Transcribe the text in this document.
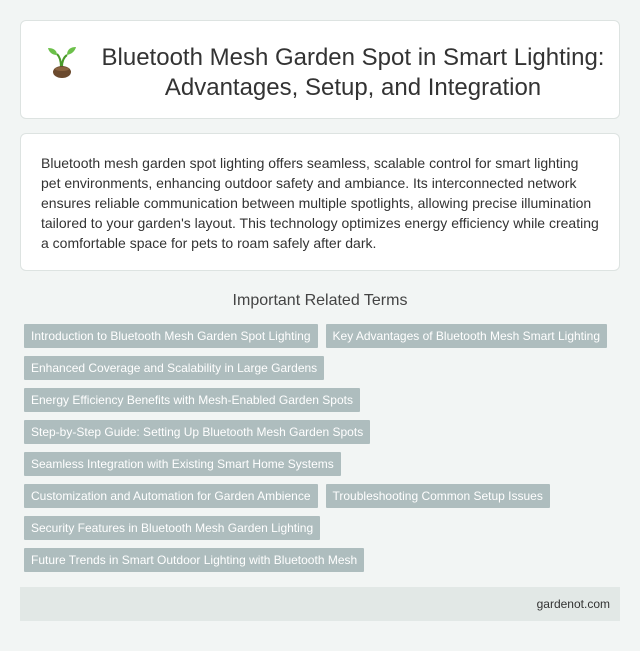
Bluetooth Mesh Garden Spot in Smart Lighting: Advantages, Setup, and Integration

Bluetooth mesh garden spot lighting offers seamless, scalable control for smart lighting pet environments, enhancing outdoor safety and ambiance. Its interconnected network ensures reliable communication between multiple spotlights, allowing precise illumination tailored to your garden's layout. This technology optimizes energy efficiency while creating a comfortable space for pets to roam safely after dark.

Important Related Terms
Introduction to Bluetooth Mesh Garden Spot Lighting	Key Advantages of Bluetooth Mesh Smart Lighting
Enhanced Coverage and Scalability in Large Gardens
Energy Efficiency Benefits with Mesh-Enabled Garden Spots
Step-by-Step Guide: Setting Up Bluetooth Mesh Garden Spots
Seamless Integration with Existing Smart Home Systems
Customization and Automation for Garden Ambience	Troubleshooting Common Setup Issues
Security Features in Bluetooth Mesh Garden Lighting
Future Trends in Smart Outdoor Lighting with Bluetooth Mesh
gardenot.com
